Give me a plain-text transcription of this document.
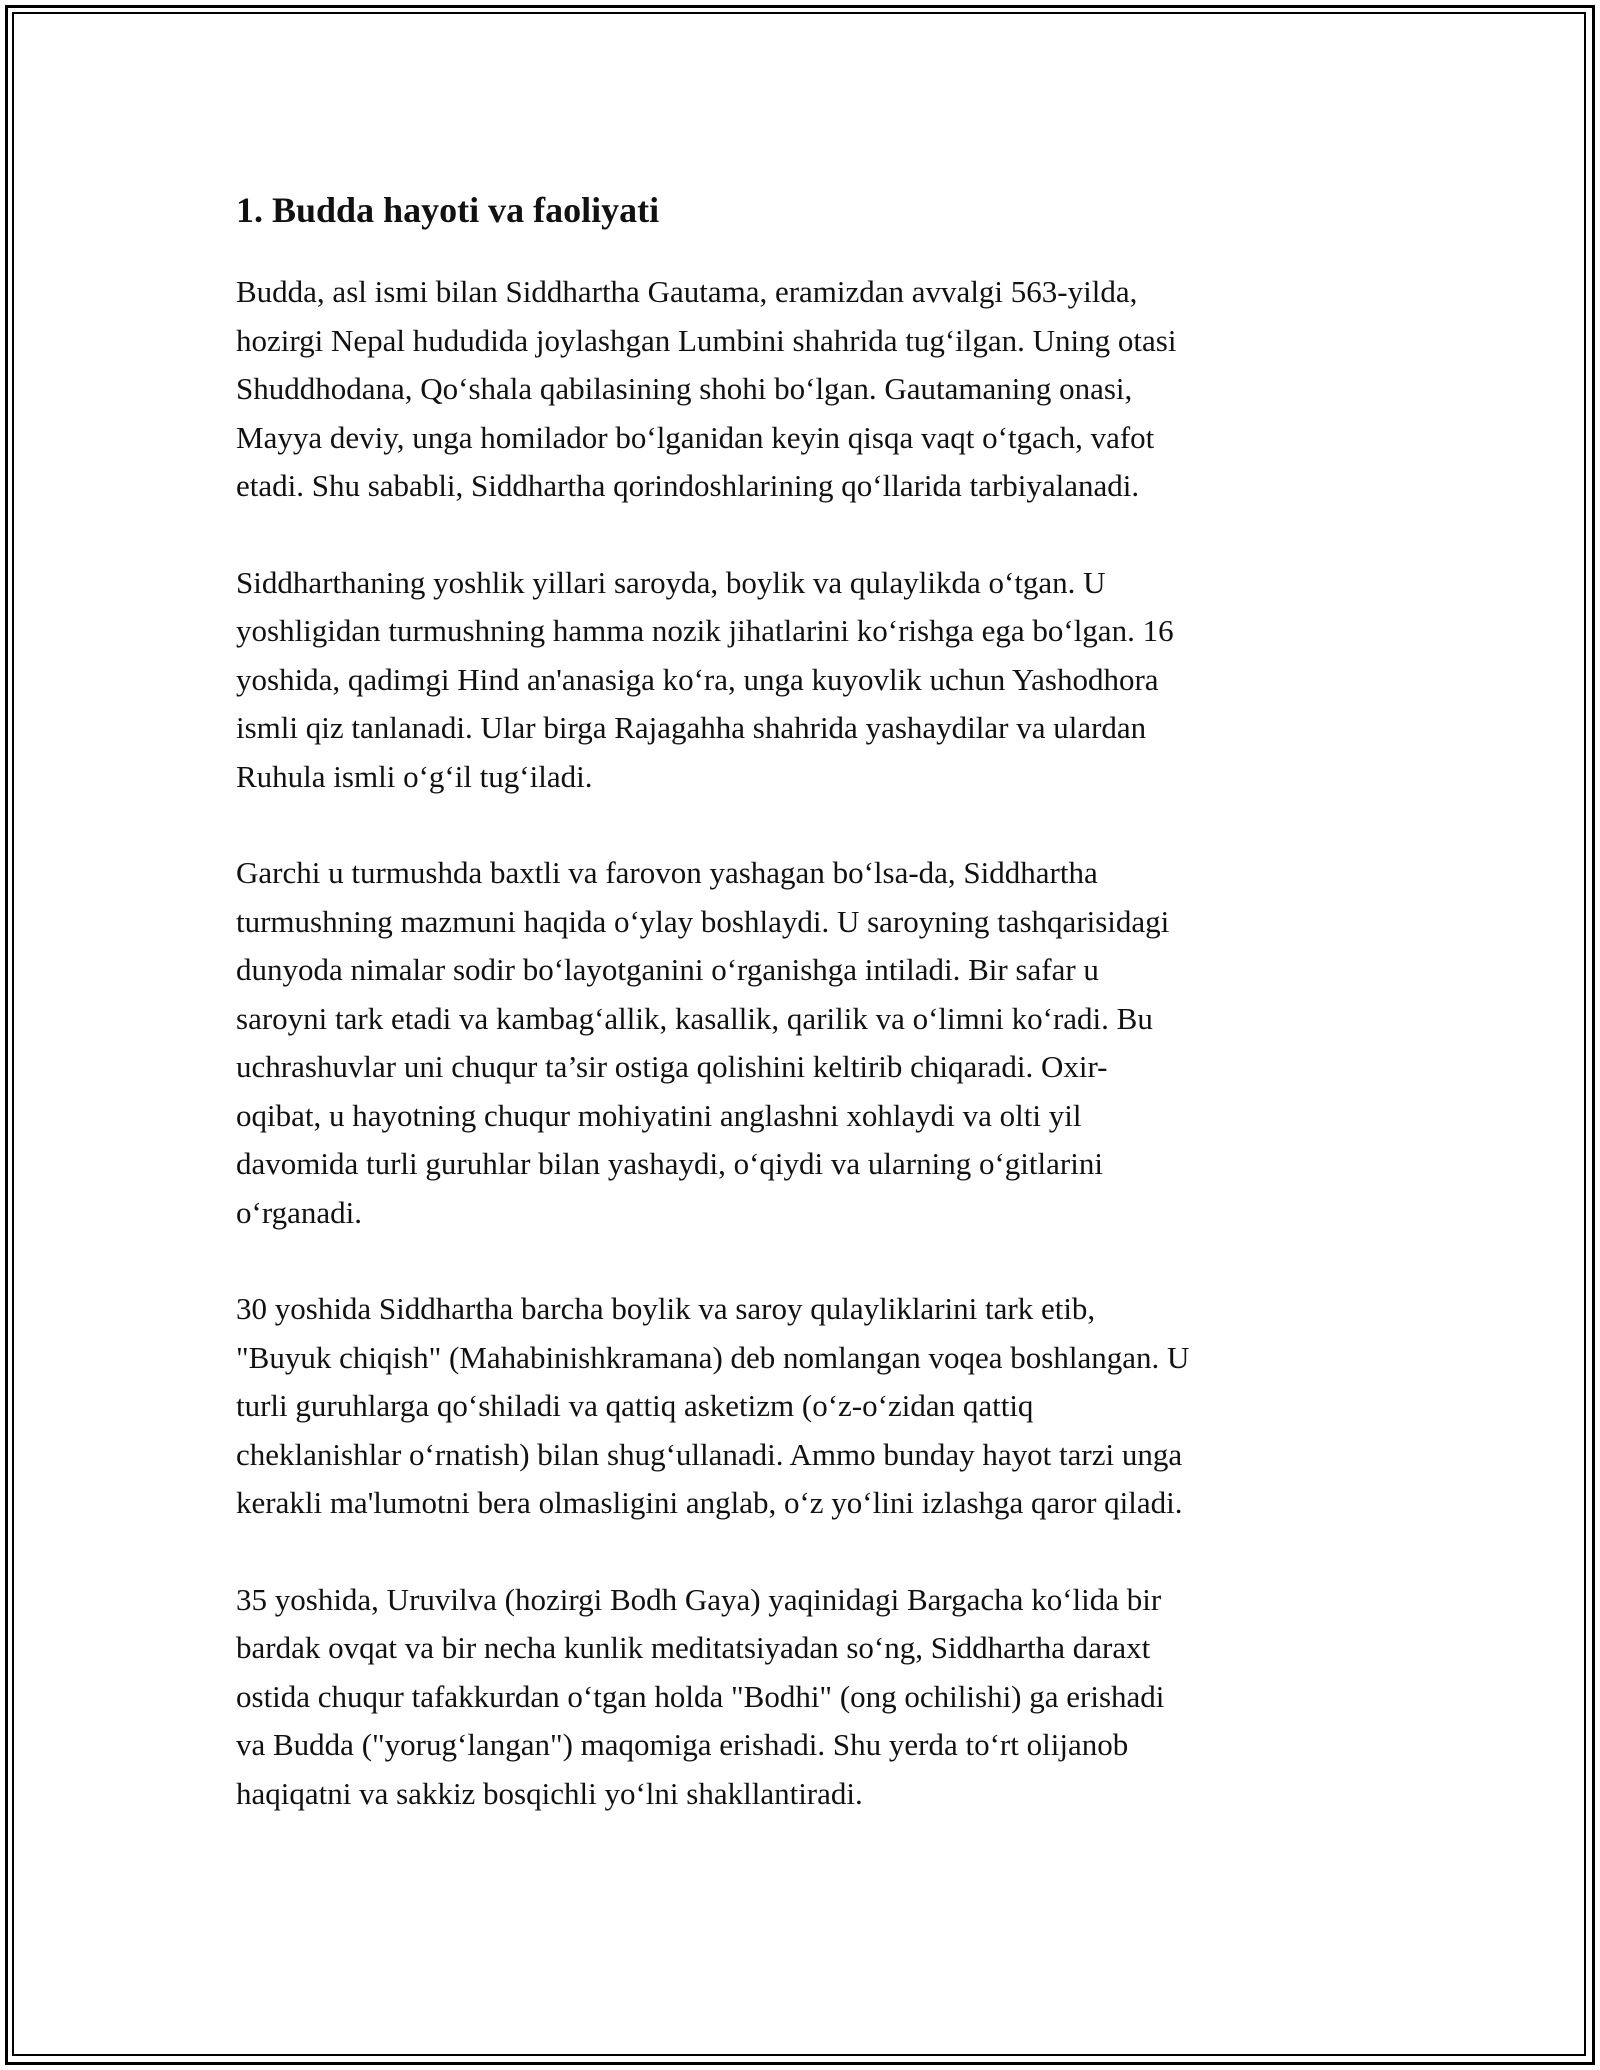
1. Budda hayoti va faoliyati
Budda, asl ismi bilan Siddhartha Gautama, eramizdan avvalgi 563-yilda,
hozirgi Nepal hududida joylashgan Lumbini shahrida tug‘ilgan. Uning otasi
Shuddhodana, Qo‘shala qabilasining shohi bo‘lgan. Gautamaning onasi,
Mayya deviy, unga homilador bo‘lganidan keyin qisqa vaqt o‘tgach, vafot
etadi. Shu sababli, Siddhartha qorindoshlarining qo‘llarida tarbiyalanadi.
Siddharthaning yoshlik yillari saroyda, boylik va qulaylikda o‘tgan. U
yoshligidan turmushning hamma nozik jihatlarini ko‘rishga ega bo‘lgan. 16
yoshida, qadimgi Hind an'anasiga ko‘ra, unga kuyovlik uchun Yashodhora
ismli qiz tanlanadi. Ular birga Rajagahha shahrida yashaydilar va ulardan
Ruhula ismli o‘g‘il tug‘iladi.
Garchi u turmushda baxtli va farovon yashagan bo‘lsa-da, Siddhartha
turmushning mazmuni haqida o‘ylay boshlaydi. U saroyning tashqarisidagi
dunyoda nimalar sodir bo‘layotganini o‘rganishga intiladi. Bir safar u
saroyni tark etadi va kambag‘allik, kasallik, qarilik va o‘limni ko‘radi. Bu
uchrashuvlar uni chuqur ta’sir ostiga qolishini keltirib chiqaradi. Oxir-
oqibat, u hayotning chuqur mohiyatini anglashni xohlaydi va olti yil
davomida turli guruhlar bilan yashaydi, o‘qiydi va ularning o‘gitlarini
o‘rganadi.
30 yoshida Siddhartha barcha boylik va saroy qulayliklarini tark etib,
"Buyuk chiqish" (Mahabinishkramana) deb nomlangan voqea boshlangan. U
turli guruhlarga qo‘shiladi va qattiq asketizm (o‘z-o‘zidan qattiq
cheklanishlar o‘rnatish) bilan shug‘ullanadi. Ammo bunday hayot tarzi unga
kerakli ma'lumotni bera olmasligini anglab, o‘z yo‘lini izlashga qaror qiladi.
35 yoshida, Uruvilva (hozirgi Bodh Gaya) yaqinidagi Bargacha ko‘lida bir
bardak ovqat va bir necha kunlik meditatsiyadan so‘ng, Siddhartha daraxt
ostida chuqur tafakkurdan o‘tgan holda "Bodhi" (ong ochilishi) ga erishadi
va Budda ("yorug‘langan") maqomiga erishadi. Shu yerda to‘rt olijanob
haqiqatni va sakkiz bosqichli yo‘lni shakllantiradi.
